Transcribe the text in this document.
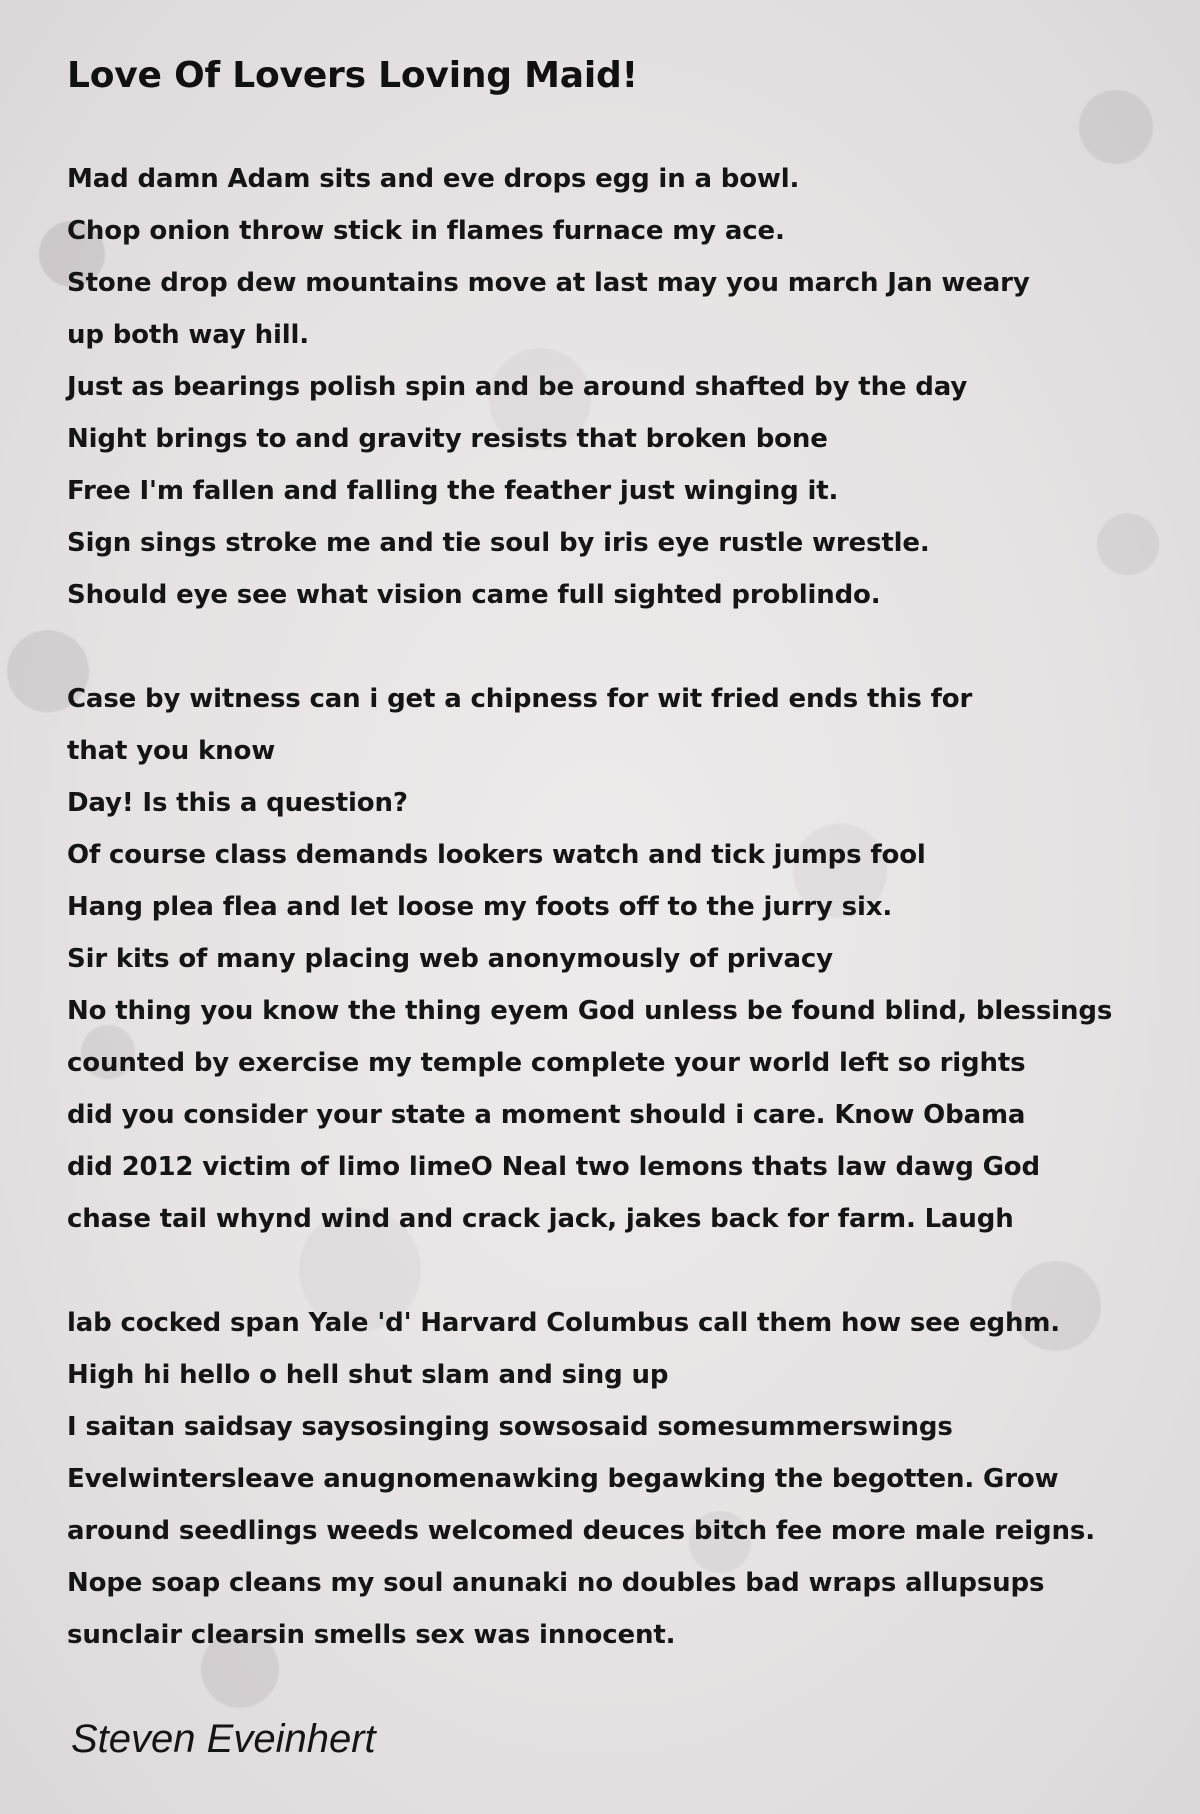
Love Of Lovers Loving Maid!
Mad damn Adam sits and eve drops egg in a bowl.
Chop onion throw stick in flames furnace my ace.
Stone drop dew mountains move at last may you march Jan weary
up both way hill.
Just as bearings polish spin and be around shafted by the day
Night brings to and gravity resists that broken bone
Free I'm fallen and falling the feather just winging it.
Sign sings stroke me and tie soul by iris eye rustle wrestle.
Should eye see what vision came full sighted problindo.
Case by witness can i get a chipness for wit fried ends this for
that you know
Day! Is this a question?
Of course class demands lookers watch and tick jumps fool
Hang plea flea and let loose my foots off to the jurry six.
Sir kits of many placing web anonymously of privacy
No thing you know the thing eyem God unless be found blind, blessings
counted by exercise my temple complete your world left so rights
did you consider your state a moment should i care. Know Obama
did 2012 victim of limo limeO Neal two lemons thats law dawg God
chase tail whynd wind and crack jack, jakes back for farm. Laugh
lab cocked span Yale 'd' Harvard Columbus call them how see eghm.
High hi hello o hell shut slam and sing up
I saitan saidsay saysosinging sowsosaid somesummerswings
Evelwintersleave anugnomenawking begawking the begotten. Grow
around seedlings weeds welcomed deuces bitch fee more male reigns.
Nope soap cleans my soul anunaki no doubles bad wraps allupsups
sunclair clearsin smells sex was innocent.

Steven Eveinhert
